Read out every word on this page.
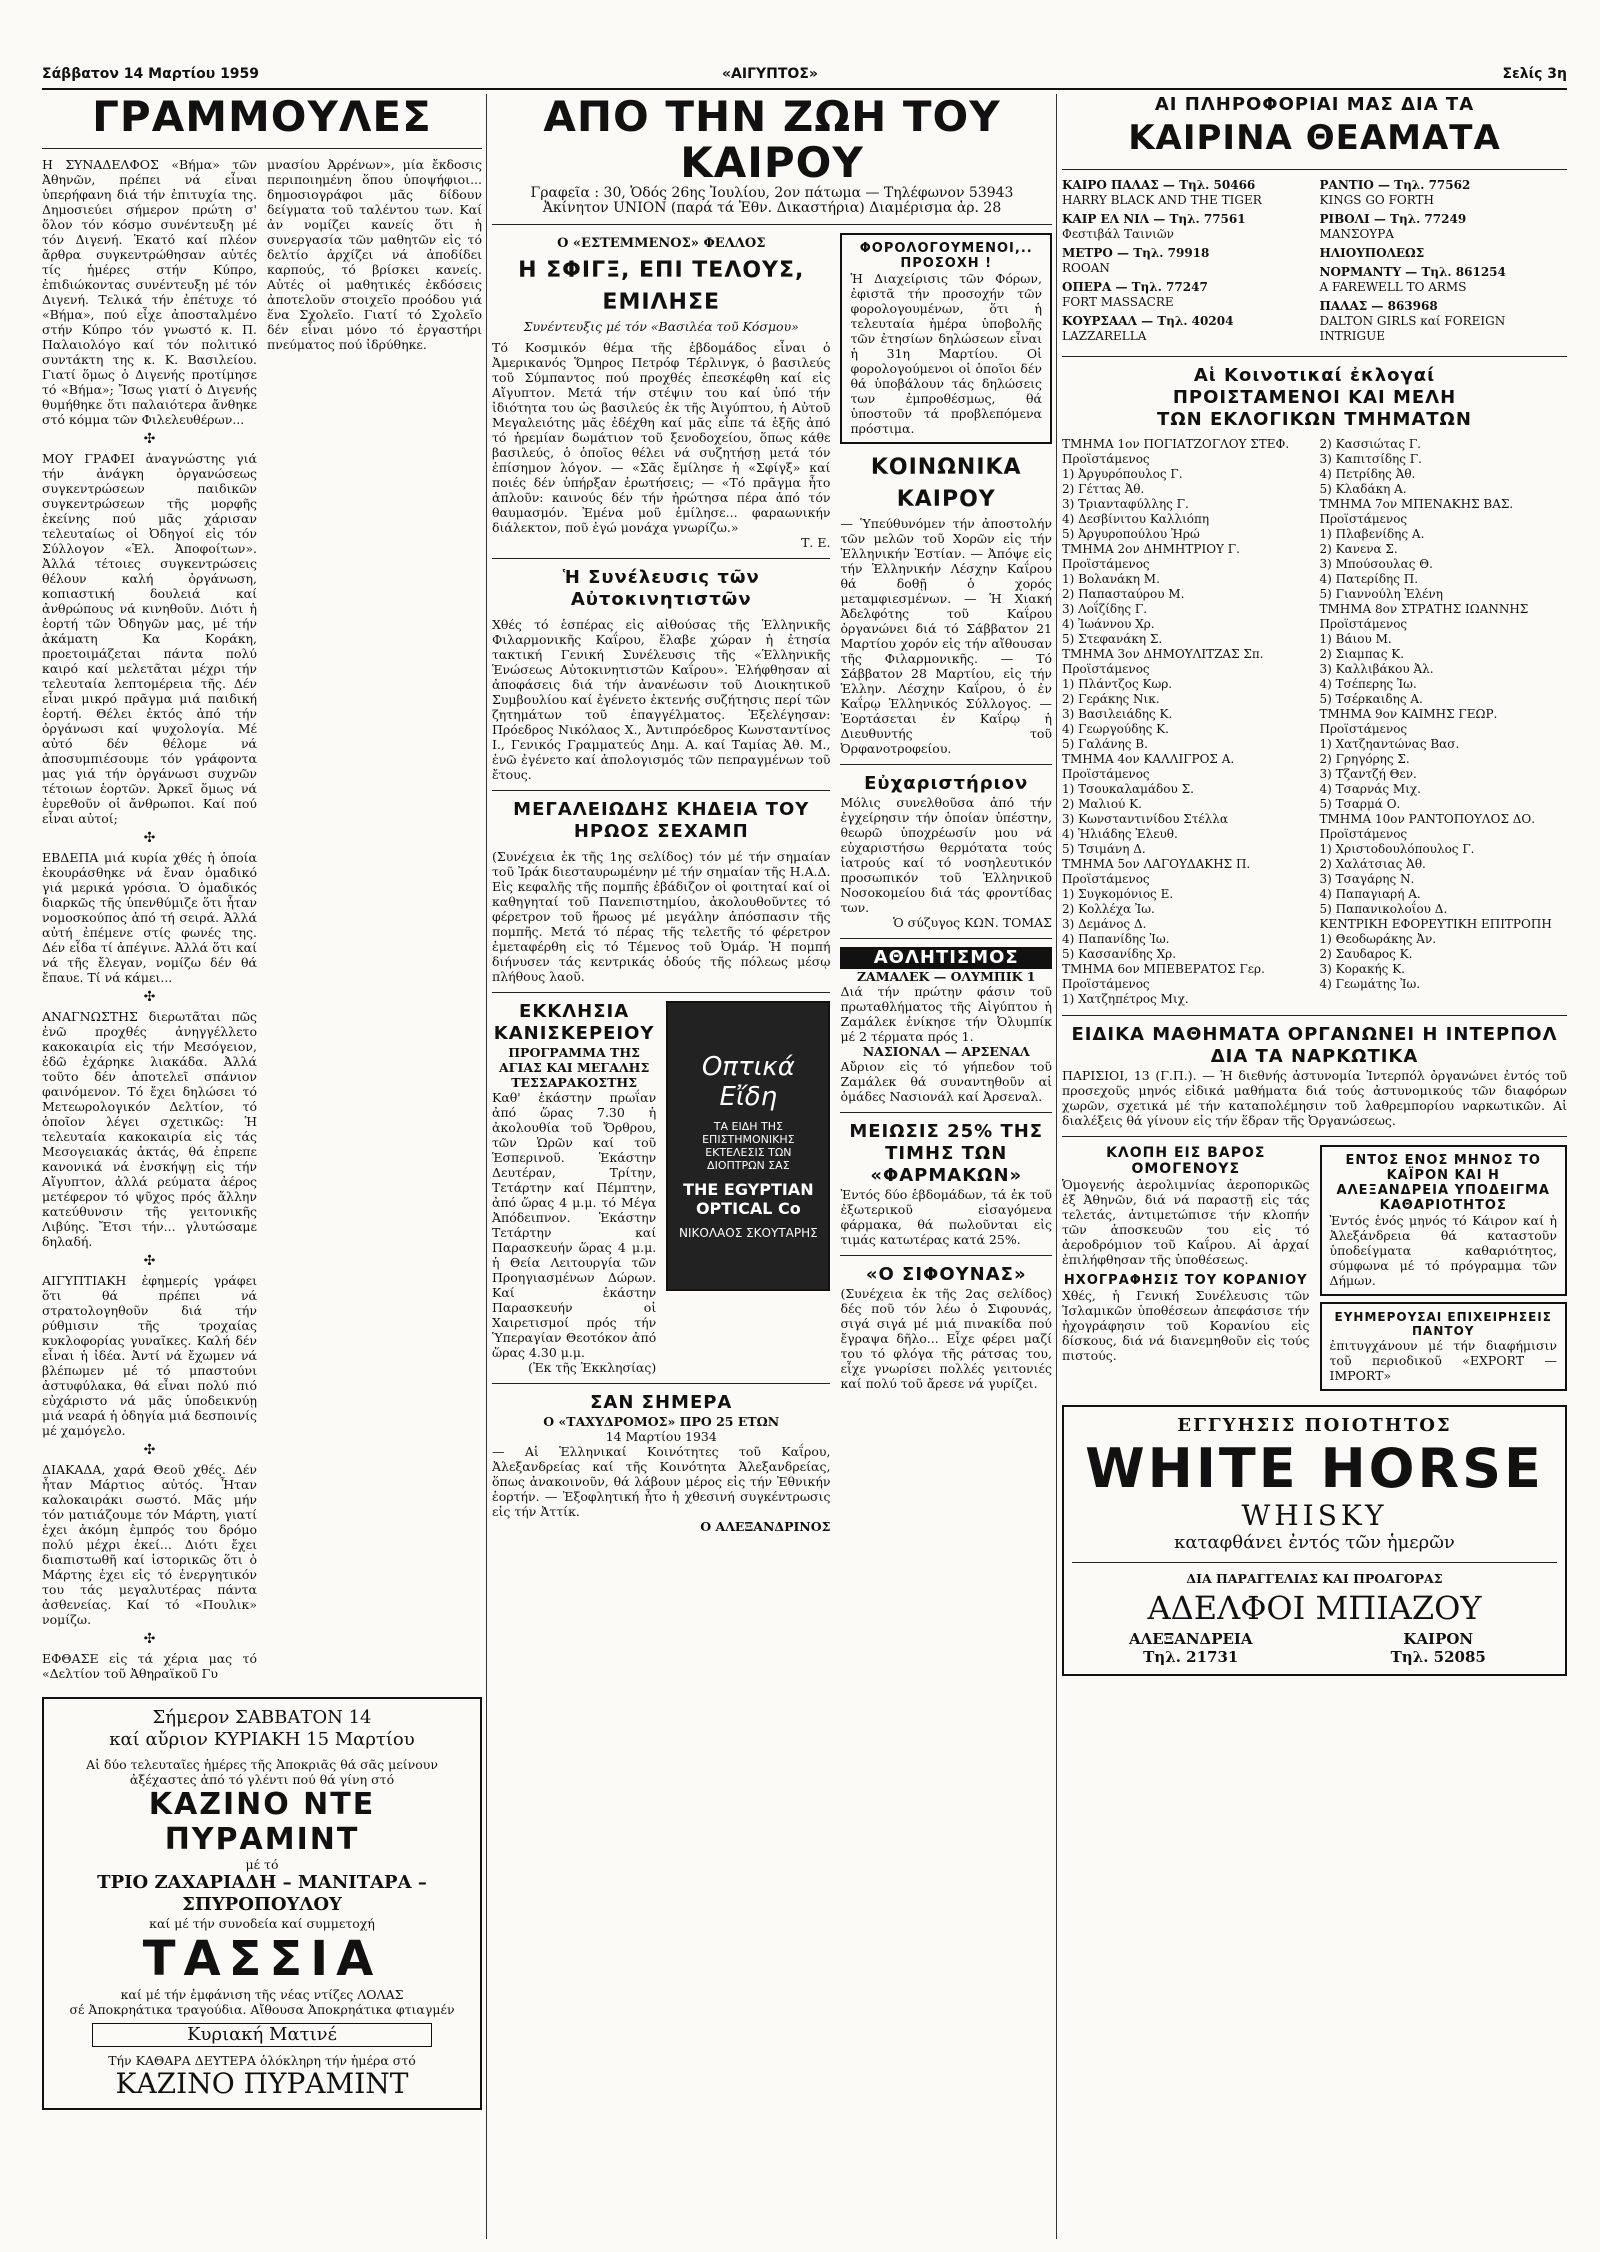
Σάββατον 14 Μαρτίου 1959	«ΑΙΓΥΠΤΟΣ»	Σελίς 3η
ΓΡΑΜΜΟΥΛΕΣ

Η ΣΥΝΑΔΕΛΦΟΣ «Βήμα» τῶν Ἀθηνῶν, πρέπει νά εἶναι ὑπερήφανη διά τήν ἐπιτυχία της. Δημοσιεύει σήμερον πρώτη σ' ὅλον τόν κόσμο συνέντευξη μέ τόν Διγενή. Ἑκατό καί πλέον ἄρθρα συγκεντρώθησαν αὐτές τίς ἡμέρες στήν Κύπρο, ἐπιδιώκοντας συνέντευξη μέ τόν Διγενή. Τελικά τήν ἐπέτυχε τό «Βήμα», πού εἶχε ἀποσταλμένο στήν Κύπρο τόν γνωστό κ. Π. Παλαιολόγο καί τόν πολιτικό συντάκτη της κ. Κ. Βασιλείου. Γιατί ὅμως ὁ Διγενής προτίμησε τό «Βήμα»; Ἴσως γιατί ὁ Διγενής θυμήθηκε ὅτι παλαιότερα ἄνθηκε στό κόμμα τῶν Φιλελευθέρων...

✣

ΜΟΥ ΓΡΑΦΕΙ ἀναγνώστης γιά τήν ἀνάγκη ὀργανώσεως συγκεντρώσεων παιδικῶν συγκεντρώσεων τῆς μορφῆς ἐκείνης πού μᾶς χάρισαν τελευταίως οἱ Ὀδηγοί εἰς τόν Σύλλογον «Ἑλ. Ἀποφοίτων». Ἀλλά τέτοιες συγκεντρώσεις θέλουν καλή ὀργάνωση, κοπιαστική δουλειά καί ἀνθρώπους νά κινηθοῦν. Διότι ἡ ἑορτή τῶν Ὀδηγῶν μας, μέ τήν ἀκάματη Κα Κοράκη, προετοιμάζεται πάντα πολύ καιρό καί μελετᾶται μέχρι τήν τελευταία λεπτομέρεια τῆς. Δέν εἶναι μικρό πρᾶγμα μιά παιδική ἑορτή. Θέλει ἐκτός ἀπό τήν ὀργάνωσι καί ψυχολογία. Μέ αὐτό δέν θέλομε νά ἀποσυμπιέσουμε τόν γράφοντα μας γιά τήν ὀργάνωσι συχνῶν τέτοιων ἑορτῶν. Ἀρκεῖ ὅμως νά ἐυρεθοῦν οἱ ἄνθρωποι. Καί πού εἶναι αὐτοί;

✣

ΕΒΔΕΠΑ μιά κυρία χθές ἡ ὁποία ἐκουράσθηκε νά ἔναν ὁμαδικό γιά μερικά γρόσια. Ὁ ὁμαδικός διαρκῶς τῆς ὑπενθύμιζε ὅτι ἦταν νομοσκούπος ἀπό τή σειρά. Ἀλλά αὐτή ἐπέμενε στίς φωνές της. Δέν εἶδα τί ἀπέγινε. Ἀλλά ὅτι καί νά τῆς ἔλεγαν, νομίζω δέν θά ἔπαυε. Τί νά κάμει...

✣

ΑΝΑΓΝΩΣΤΗΣ διερωτᾶται πῶς ἐνῶ προχθές ἀνηγγέλλετο κακοκαιρία εἰς τήν Μεσόγειον, ἐδῶ ἐχάρηκε λιακάδα. Ἀλλά τοῦτο δέν ἀποτελεῖ σπάνιον φαινόμενον. Τό ἔχει δηλώσει τό Μετεωρολογικόν Δελτίον, τό ὁποῖον λέγει σχετικῶς: Ἡ τελευταία κακοκαιρία εἰς τάς Μεσογειακάς ἀκτάς, θά ἐπρεπε κανονικά νά ἐνσκήψῃ εἰς τήν Αἴγυπτον, ἀλλά ρεύματα ἀέρος μετέφερον τό ψῦχος πρός ἄλλην κατεύθυνσιν τῆς γειτονικῆς Λιβύης. Ἔτσι τήν... γλυτώσαμε δηλαδή.

✣

ΑΙΓΥΠΤΙΑΚΗ ἐφημερίς γράφει ὅτι θά πρέπει νά στρατολογηθοῦν διά τήν ρύθμισιν τῆς τροχαίας κυκλοφορίας γυναῖκες. Καλή δέν εἶναι ἡ ἰδέα. Ἀντί νά ἔχωμεν νά βλέπωμεν μέ τό μπαστούνι ἀστυφύλακα, θά εἶναι πολύ πιό εὐχάριστο νά μᾶς ὑποδεικνύῃ μιά νεαρά ἡ ὁδηγία μιά δεσποινίς μέ χαμόγελο.

✣

ΔΙΑΚΑΔΑ, χαρά Θεοῦ χθές. Δέν ἦταν Μάρτιος αὐτός. Ἦταν καλοκαιράκι σωστό. Μᾶς μήν τόν ματιάζουμε τόν Μάρτη, γιατί ἐχει ἀκόμη ἐμπρός του δρόμο πολύ μέχρι ἐκεί... Διότι ἔχει διαπιστωθῆ καί ἱστορικῶς ὅτι ὁ Μάρτης ἐχει εἰς τό ἐνεργητικόν του τάς μεγαλυτέρας πάντα ἀσθενείας. Καί τό «Πουλικ» νομίζω.

✣

ΕΦΘΑΣΕ εἰς τά χέρια μας τό «Δελτίον τοῦ Ἀθηραϊκοῦ Γυ

μνασίου Ἀρρένων», μία ἔκδοσις περιποιημένη ὅπου ὑποψήφιοι... δημοσιογράφοι μᾶς δίδουν δείγματα τοῦ ταλέντου των. Καί ἀν νομίζει κανείς ὅτι ἡ συνεργασία τῶν μαθητῶν εἰς τό δελτίο ἀρχίζει νά ἀποδίδει καρπούς, τό βρίσκει κανείς. Αὐτές οἱ μαθητικές ἐκδόσεις ἀποτελοῦν στοιχεῖο προόδου γιά ἕνα Σχολεῖο. Γιατί τό Σχολεῖο δέν εἶναι μόνο τό ἐργαστήρι πνεύματος πού ἰδρύθηκε.

Σήμερον ΣΑΒΒΑΤΟΝ 14
καί αὔριον ΚΥΡΙΑΚΗ 15 Μαρτίου

Αἱ δύο τελευταῖες ἡμέρες τῆς Ἀποκριᾶς θά σᾶς μείνουν ἀξέχαστες ἀπό τό γλέντι πού θά γίνη στό

ΚΑΖΙΝΟ ΝΤΕ ΠΥΡΑΜΙΝΤ
μέ τό
ΤΡΙΟ ΖΑΧΑΡΙΑΔΗ – ΜΑΝΙΤΑΡΑ – ΣΠΥΡΟΠΟΥΛΟΥ
καί μέ τήν συνοδεία καί συμμετοχή
ΤΑΣΣΙΑ
καί μέ τήν ἐμφάνιση τῆς νέας ντίζες ΛΟΛΑΣ
σέ Ἀποκρηάτικα τραγούδια. Αἴθουσα Ἀποκρηάτικα φτιαγμέν
Κυριακή Ματινέ
Τήν ΚΑΘΑΡΑ ΔΕΥΤΕΡΑ ὁλόκληρη τήν ἡμέρα στό
ΚΑΖΙΝΟ ΠΥΡΑΜΙΝΤ
ΑΠΟ ΤΗΝ ΖΩΗ ΤΟΥ ΚΑΙΡΟΥ

Γραφεῖα : 30, Ὁδός 26ης Ἰουλίου, 2ον πάτωμα — Τηλέφωνον 53943

Ἀκίνητον UNION (παρά τά Ἐθν. Δικαστήρια) Διαμέρισμα ἀρ. 28

Ο «ΕΣΤΕΜΜΕΝΟΣ» ΦΕΛΛΟΣ
Η ΣΦΙΓΞ, ΕΠΙ ΤΕΛΟΥΣ, ΕΜΙΛΗΣΕ
Συνέντευξις μέ τόν «Βασιλέα τοῦ Κόσμου»

Τό Κοσμικόν θέμα τῆς ἑβδομάδος εἶναι ὁ Ἀμερικανός Ὅμηρος Πετρόφ Τέρλινγκ, ὁ βασιλεύς τοῦ Σύμπαντος πού προχθές ἐπεσκέφθη καί εἰς Αἴγυπτον. Μετά τήν στέψιν του καί ὑπό τήν ἰδιότητα του ὡς βασιλεύς ἐκ τῆς Ἀιγύπτου, ἡ Αὐτοῦ Μεγαλειότης μᾶς ἐδέχθη καί μᾶς εἶπε τά ἑξῆς ἀπό τό ἡρεμίαν δωμάτιον τοῦ ξενοδοχείου, ὅπως κάθε βασιλεύς, ὁ ὁποῖος θέλει νά συζητήσῃ μετά τόν ἐπίσημον λόγον. — «Σᾶς ἔμίλησε ἡ «Σφίγξ» καί ποιές δέν ὑπήρξαν ἐρωτήσεις; — «Τό πρᾶγμα ἦτο ἁπλοῦν: καινούς δέν τήν ἠρώτησα πέρα ἀπό τόν θαυμασμόν. Ἐμένα μοῦ ἐμίλησε... φαραωνικήν διάλεκτον, ποῦ ἐγώ μονάχα γνωρίζω.»

Τ. Ε.
Ἡ Συνέλευσις τῶν Αὐτοκινητιστῶν

Χθές τό ἑσπέρας εἰς αἰθούσας τῆς Ἑλληνικῆς Φιλαρμονικῆς Καΐρου, ἔλαβε χώραν ἡ ἐτησία τακτική Γενική Συνέλευσις τῆς «Ἑλληνικῆς Ἑνώσεως Αὐτοκινητιστῶν Καΐρου». Ἐλήφθησαν αἱ ἀποφάσεις διά τήν ἀνανέωσιν τοῦ Διοικητικοῦ Συμβουλίου καί ἐγένετο ἐκτενής συζήτησις περί τῶν ζητημάτων τοῦ ἐπαγγέλματος. Ἐξελέγησαν: Πρόεδρος Νικόλαος Χ., Ἀντιπρόεδρος Κωνσταντίνος Ι., Γενικός Γραμματεύς Δημ. Α. καί Ταμίας Ἀθ. Μ., ἐνῶ ἐγένετο καί ἀπολογισμός τῶν πεπραγμένων τοῦ ἔτους.

ΜΕΓΑΛΕΙΩΔΗΣ ΚΗΔΕΙΑ ΤΟΥ ΗΡΩΟΣ ΣΕΧΑΜΠ

(Συνέχεια ἐκ τῆς 1ης σελίδος) τόν μέ τήν σημαίαν τοῦ Ἰράκ διεσταυρωμένην μέ τήν σημαίαν τῆς Η.Α.Δ. Εἰς κεφαλῆς τῆς πομπῆς ἐβάδιζον οἱ φοιτηταί καί οἱ καθηγηταί τοῦ Πανεπιστημίου, ἀκολουθοῦντες τό φέρετρον τοῦ ἥρωος μέ μεγάλην ἀπόσπασιν τῆς πομπῆς. Μετά τό πέρας τῆς τελετῆς τό φέρετρον ἐμεταφέρθη εἰς τό Τέμενος τοῦ Ὀμάρ. Ἡ πομπή διήνυσεν τάς κεντρικάς ὁδούς τῆς πόλεως μέσῳ πλήθους λαοῦ.

ΕΚΚΛΗΣΙΑ ΚΑΝΙΣΚΕΡΕΙΟΥ
ΠΡΟΓΡΑΜΜΑ ΤΗΣ ΑΓΙΑΣ ΚΑΙ ΜΕΓΑΛΗΣ ΤΕΣΣΑΡΑΚΟΣΤΗΣ

Καθ' ἑκάστην πρωΐαν ἀπό ὥρας 7.30 ἡ ἀκολουθία τοῦ Ὄρθρου, τῶν Ὡρῶν καί τοῦ Ἑσπερινοῦ. Ἑκάστην Δευτέραν, Τρίτην, Τετάρτην καί Πέμπτην, ἀπό ὥρας 4 μ.μ. τό Μέγα Ἀπόδειπνον. Ἑκάστην Τετάρτην καί Παρασκευήν ὥρας 4 μ.μ. ἡ Θεία Λειτουργία τῶν Προηγιασμένων Δώρων. Καί ἑκάστην Παρασκευήν οἱ Χαιρετισμοί πρός τήν Ὑπεραγίαν Θεοτόκον ἀπό ὥρας 4.30 μ.μ.

(Ἐκ τῆς Ἐκκλησίας)
Οπτικά Εἴδη
ΤΑ ΕΙΔΗ ΤΗΣ ΕΠΙΣΤΗΜΟΝΙΚΗΣ ΕΚΤΕΛΕΣΙΣ ΤΩΝ ΔΙΟΠΤΡΩΝ ΣΑΣ
THE EGYPTIAN OPTICAL Co
ΝΙΚΟΛΑΟΣ ΣΚΟΥΤΑΡΗΣ
ΣΑΝ ΣΗΜΕΡΑ
Ο «ΤΑΧΥΔΡΟΜΟΣ» ΠΡΟ 25 ΕΤΩΝ
14 Μαρτίου 1934

— Αἱ Ἑλληνικαί Κοινότητες τοῦ Καΐρου, Ἀλεξανδρείας καί τῆς Κοινότητα Ἀλεξανδρείας, ὅπως ἀνακοινοῦν, θά λάβουν μέρος εἰς τήν Ἐθνικήν ἑορτήν. — Ἐξοφλητική ἦτο ἡ χθεσινή συγκέντρωσις εἰς τήν Ἀττίκ.

Ο ΑΛΕΞΑΝΔΡΙΝΟΣ
ΦΟΡΟΛΟΓΟΥΜΕΝΟΙ,.. ΠΡΟΣΟΧΗ !

Ἡ Διαχείρισις τῶν Φόρων, ἐφιστᾶ τήν προσοχήν τῶν φορολογουμένων, ὅτι ἡ τελευταία ἡμέρα ὑποβολῆς τῶν ἐτησίων δηλώσεων εἶναι ἡ 31η Μαρτίου. Οἱ φορολογούμενοι οἱ ὁποῖοι δέν θά ὑποβάλουν τάς δηλώσεις των ἐμπροθέσμως, θά ὑποστοῦν τά προβλεπόμενα πρόστιμα.

ΚΟΙΝΩΝΙΚΑ ΚΑΙΡΟΥ

— Ὑπεύθυνόμεν τήν ἀποστολήν τῶν μελῶν τοῦ Χορῶν εἰς τήν Ἑλληνικήν Ἑστίαν. — Ἀπόψε εἰς τήν Ἑλληνικήν Λέσχην Καΐρου θά δοθῇ ὁ χορός μεταμφιεσμένων. — Ἡ Χιακή Ἀδελφότης τοῦ Καΐρου ὀργανώνει διά τό Σάββατον 21 Μαρτίου χορόν εἰς τήν αἴθουσαν τῆς Φιλαρμονικῆς. — Τό Σάββατον 28 Μαρτίου, εἰς τήν Ἑλλην. Λέσχην Καΐρου, ὁ ἐν Καΐρῳ Ἑλληνικός Σύλλογος. — Ἐορτάσεται ἐν Καΐρῳ ἡ Διευθυντής τοῦ Ὀρφανοτροφείου.

Εὐχαριστήριον

Μόλις συνελθοῦσα ἀπό τήν ἐγχείρησιν τήν ὁποίαν ὑπέστην, θεωρῶ ὑποχρέωσίν μου νά εὐχαριστήσω θερμότατα τούς ἰατρούς καί τό νοσηλευτικόν προσωπικόν τοῦ Ἑλληνικοῦ Νοσοκομείου διά τάς φροντίδας των.

Ὁ σύζυγος ΚΩΝ. ΤΟΜΑΣ
ΑΘΛΗΤΙΣΜΟΣ
ΖΑΜΑΛΕΚ — ΟΛΥΜΠΙΚ 1

Διά τήν πρώτην φάσιν τοῦ πρωταθλήματος τῆς Αἰγύπτου ἡ Ζαμάλεκ ἐνίκησε τήν Ὀλυμπίκ μέ 2 τέρματα πρός 1.

ΝΑΣΙΟΝΑΛ — ΑΡΣΕΝΑΛ

Αὔριον εἰς τό γήπεδον τοῦ Ζαμάλεκ θά συναντηθοῦν αἱ ὁμάδες Νασιονάλ καί Ἀρσεναλ.

ΜΕΙΩΣΙΣ 25% ΤΗΣ ΤΙΜΗΣ ΤΩΝ «ΦΑΡΜΑΚΩΝ»

Ἐντός δύο ἑβδομάδων, τά ἐκ τοῦ ἐξωτερικοῦ εἰσαγόμενα φάρμακα, θά πωλοῦνται εἰς τιμάς κατωτέρας κατά 25%.

«Ο ΣΙΦΟΥΝΑΣ»

(Συνέχεια ἐκ τῆς 2ας σελίδος) δές ποῦ τόν λέω ὁ Σιφουνάς, σιγά σιγά μέ μιά πινακίδα πού ἔγραψα δῆλο... Εἶχε φέρει μαζί του τό φλόγα τῆς ράτσας του, εἶχε γνωρίσει πολλές γειτονιές καί πολύ τοῦ ἄρεσε νά γυρίζει.

ΑΙ ΠΛΗΡΟΦΟΡΙΑΙ ΜΑΣ ΔΙΑ ΤΑ
ΚΑΙΡΙΝΑ ΘΕΑΜΑΤΑ
ΚΑΙΡΟ ΠΑΛΑΣ — Τηλ. 50466
HARRY BLACK AND THE TIGER
ΚΑΙΡ ΕΛ ΝΙΛ — Τηλ. 77561
Φεστιβάλ Ταινιῶν
ΜΕΤΡΟ — Τηλ. 79918
ROOAN
ΟΠΕΡΑ — Τηλ. 77247
FORT MASSACRE
ΚΟΥΡΣΑΑΛ — Τηλ. 40204
LAZZARELLA
ΡΑΝΤΙΟ — Τηλ. 77562
KINGS GO FORTH
ΡΙΒΟΛΙ — Τηλ. 77249
ΜΑΝΣΟΥΡΑ
ΗΛΙΟΥΠΟΛΕΩΣ
ΝΟΡΜΑΝΤΥ — Τηλ. 861254
A FAREWELL TO ARMS
ΠΑΛΑΣ — 863968
DALTON GIRLS καί FOREIGN INTRIGUE
Αἱ Κοινοτικαί ἐκλογαί
ΠΡΟΙΣΤΑΜΕΝΟΙ ΚΑΙ ΜΕΛΗ
ΤΩΝ ΕΚΛΟΓΙΚΩΝ ΤΜΗΜΑΤΩΝ
ΤΜΗΜΑ 1ον ΠΟΓΙΑΤΖΟΓΛΟΥ ΣΤΕΦ. Προϊστάμενος
1) Ἀργυρόπουλος Γ.
2) Γέττας Ἀθ.
3) Τριανταφύλλης Γ.
4) Δεσβίνιτου Καλλιόπη
5) Ἀργυροπούλου Ἠρώ
ΤΜΗΜΑ 2ον ΔΗΜΗΤΡΙΟΥ Γ. Προϊστάμενος
1) Βολανάκη Μ.
2) Παπασταύρου Μ.
3) Λοΐζίδης Γ.
4) Ἰωάννου Χρ.
5) Στεφανάκη Σ.
ΤΜΗΜΑ 3ον ΔΗΜΟΥΛΙΤΖΑΣ Σπ. Προϊστάμενος
1) Πλάντζος Κωρ.
2) Γεράκης Νικ.
3) Βασιλειάδης Κ.
4) Γεωργούδης Κ.
5) Γαλάνης Β.
ΤΜΗΜΑ 4ον ΚΑΛΛΙΓΡΟΣ Α. Προϊστάμενος
1) Τσουκαλαμάδου Σ.
2) Μαλιού Κ.
3) Κωνσταντινίδου Στέλλα
4) Ἡλιάδης Ἐλευθ.
5) Τσιμάνη Δ.
ΤΜΗΜΑ 5ον ΛΑΓΟΥΔΑΚΗΣ Π. Προϊστάμενος
1) Συγκομόνιος Ε.
2) Κολλέχα Ἰω.
3) Δεμάνος Δ.
4) Παπανίδης Ἰω.
5) Κασσανίδης Χρ.
ΤΜΗΜΑ 6ον ΜΠΕΒΕΡΑΤΟΣ Γερ. Προϊστάμενος
1) Χατζηπέτρος Μιχ.
2) Κασσιώτας Γ.
3) Καπιτσίδης Γ.
4) Πετρίδης Ἀθ.
5) Κλαδάκη Α.
ΤΜΗΜΑ 7ον ΜΠΕΝΑΚΗΣ ΒΑΣ. Προϊστάμενος
1) Πλαβενίδης Α.
2) Κανενα Σ.
3) Μπούσουλας Θ.
4) Πατερίδης Π.
5) Γιαννούλη Ἑλένη
ΤΜΗΜΑ 8ον ΣΤΡΑΤΗΣ ΙΩΑΝΝΗΣ Προϊστάμενος
1) Βάιου Μ.
2) Σιαμπας Κ.
3) Καλλιβάκου Ἀλ.
4) Τσέπερης Ἰω.
5) Τσέρκαιδης Α.
ΤΜΗΜΑ 9ον ΚΑΙΜΗΣ ΓΕΩΡ. Προϊστάμενος
1) Χατζηαντώνας Βασ.
2) Γρηγόρης Σ.
3) Τζαντζή Θεν.
4) Τσαρνάς Μιχ.
5) Τσαρμά Ο.
ΤΜΗΜΑ 10ον ΡΑΝΤΟΠΟΥΛΟΣ ΔΟ. Προϊστάμενος
1) Χριστοδουλόπουλος Γ.
2) Χαλάτσιας Ἀθ.
3) Τσαγάρης Ν.
4) Παπαγιαρή Α.
5) Παπανικολοΐου Δ.
ΚΕΝΤΡΙΚΗ ΕΦΟΡΕΥΤΙΚΗ ΕΠΙΤΡΟΠΗ
1) Θεοδωράκης Ἀν.
2) Σαυδαρος Κ.
3) Κορακής Κ.
4) Γεωμάτης Ἰω.
ΕΙΔΙΚΑ ΜΑΘΗΜΑΤΑ ΟΡΓΑΝΩΝΕΙ Η ΙΝΤΕΡΠΟΛ ΔΙΑ ΤΑ ΝΑΡΚΩΤΙΚΑ

ΠΑΡΙΣΙΟΙ, 13 (Γ.Π.). — Ἡ διεθνής ἀστυνομία Ἰντερπόλ ὀργανώνει ἐντός τοῦ προσεχοῦς μηνός εἰδικά μαθήματα διά τούς ἀστυνομικούς τῶν διαφόρων χωρῶν, σχετικά μέ τήν καταπολέμησιν τοῦ λαθρεμπορίου ναρκωτικῶν. Αἱ διαλέξεις θά γίνουν εἰς τήν ἕδραν τῆς Ὀργανώσεως.

ΚΛΟΠΗ ΕΙΣ ΒΑΡΟΣ ΟΜΟΓΕΝΟΥΣ

Ὁμογενής ἀερολιμνίας ἀεροπορικῶς ἐξ Ἀθηνῶν, διά νά παραστῇ εἰς τάς τελετάς, ἀντιμετώπισε τήν κλοπήν τῶν ἀποσκευῶν του εἰς τό ἀεροδρόμιον τοῦ Καΐρου. Αἱ ἀρχαί ἐπιλήφθησαν τῆς ὑποθέσεως.

ΗΧΟΓΡΑΦΗΣΙΣ ΤΟΥ ΚΟΡΑΝΙΟΥ

Χθές, ἡ Γενική Συνέλευσις τῶν Ἰσλαμικῶν ὑποθέσεων ἀπεφάσισε τήν ἠχογράφησιν τοῦ Κορανίου εἰς δίσκους, διά νά διανεμηθοῦν εἰς τούς πιστούς.

ΕΝΤΟΣ ΕΝΟΣ ΜΗΝΟΣ ΤΟ ΚΑΪΡΟΝ ΚΑΙ Η ΑΛΕΞΑΝΔΡΕΙΑ ΥΠΟΔΕΙΓΜΑ ΚΑΘΑΡΙΟΤΗΤΟΣ

Ἐντός ἑνός μηνός τό Κάιρον καί ἡ Ἀλεξάνδρεια θά καταστοῦν ὑποδείγματα καθαριότητος, σύμφωνα μέ τό πρόγραμμα τῶν Δήμων.

ΕΥΗΜΕΡΟΥΣΑΙ ΕΠΙΧΕΙΡΗΣΕΙΣ ΠΑΝΤΟΥ

ἐπιτυγχάνουν μέ τήν διαφήμισιν τοῦ περιοδικοῦ «EXPORT — IMPORT»

ΕΓΓΥΗΣΙΣ ΠΟΙΟΤΗΤΟΣ
WHITE HORSE
WHISKY
καταφθάνει ἐντός τῶν ἡμερῶν
ΔΙΑ ΠΑΡΑΓΓΕΛΙΑΣ ΚΑΙ ΠΡΟΑΓΟΡΑΣ
ΑΔΕΛΦΟΙ ΜΠΙΑΖΟΥ
ΑΛΕΞΑΝΔΡΕΙΑ	ΚΑΙΡΟΝ
Τηλ. 21731	Τηλ. 52085
